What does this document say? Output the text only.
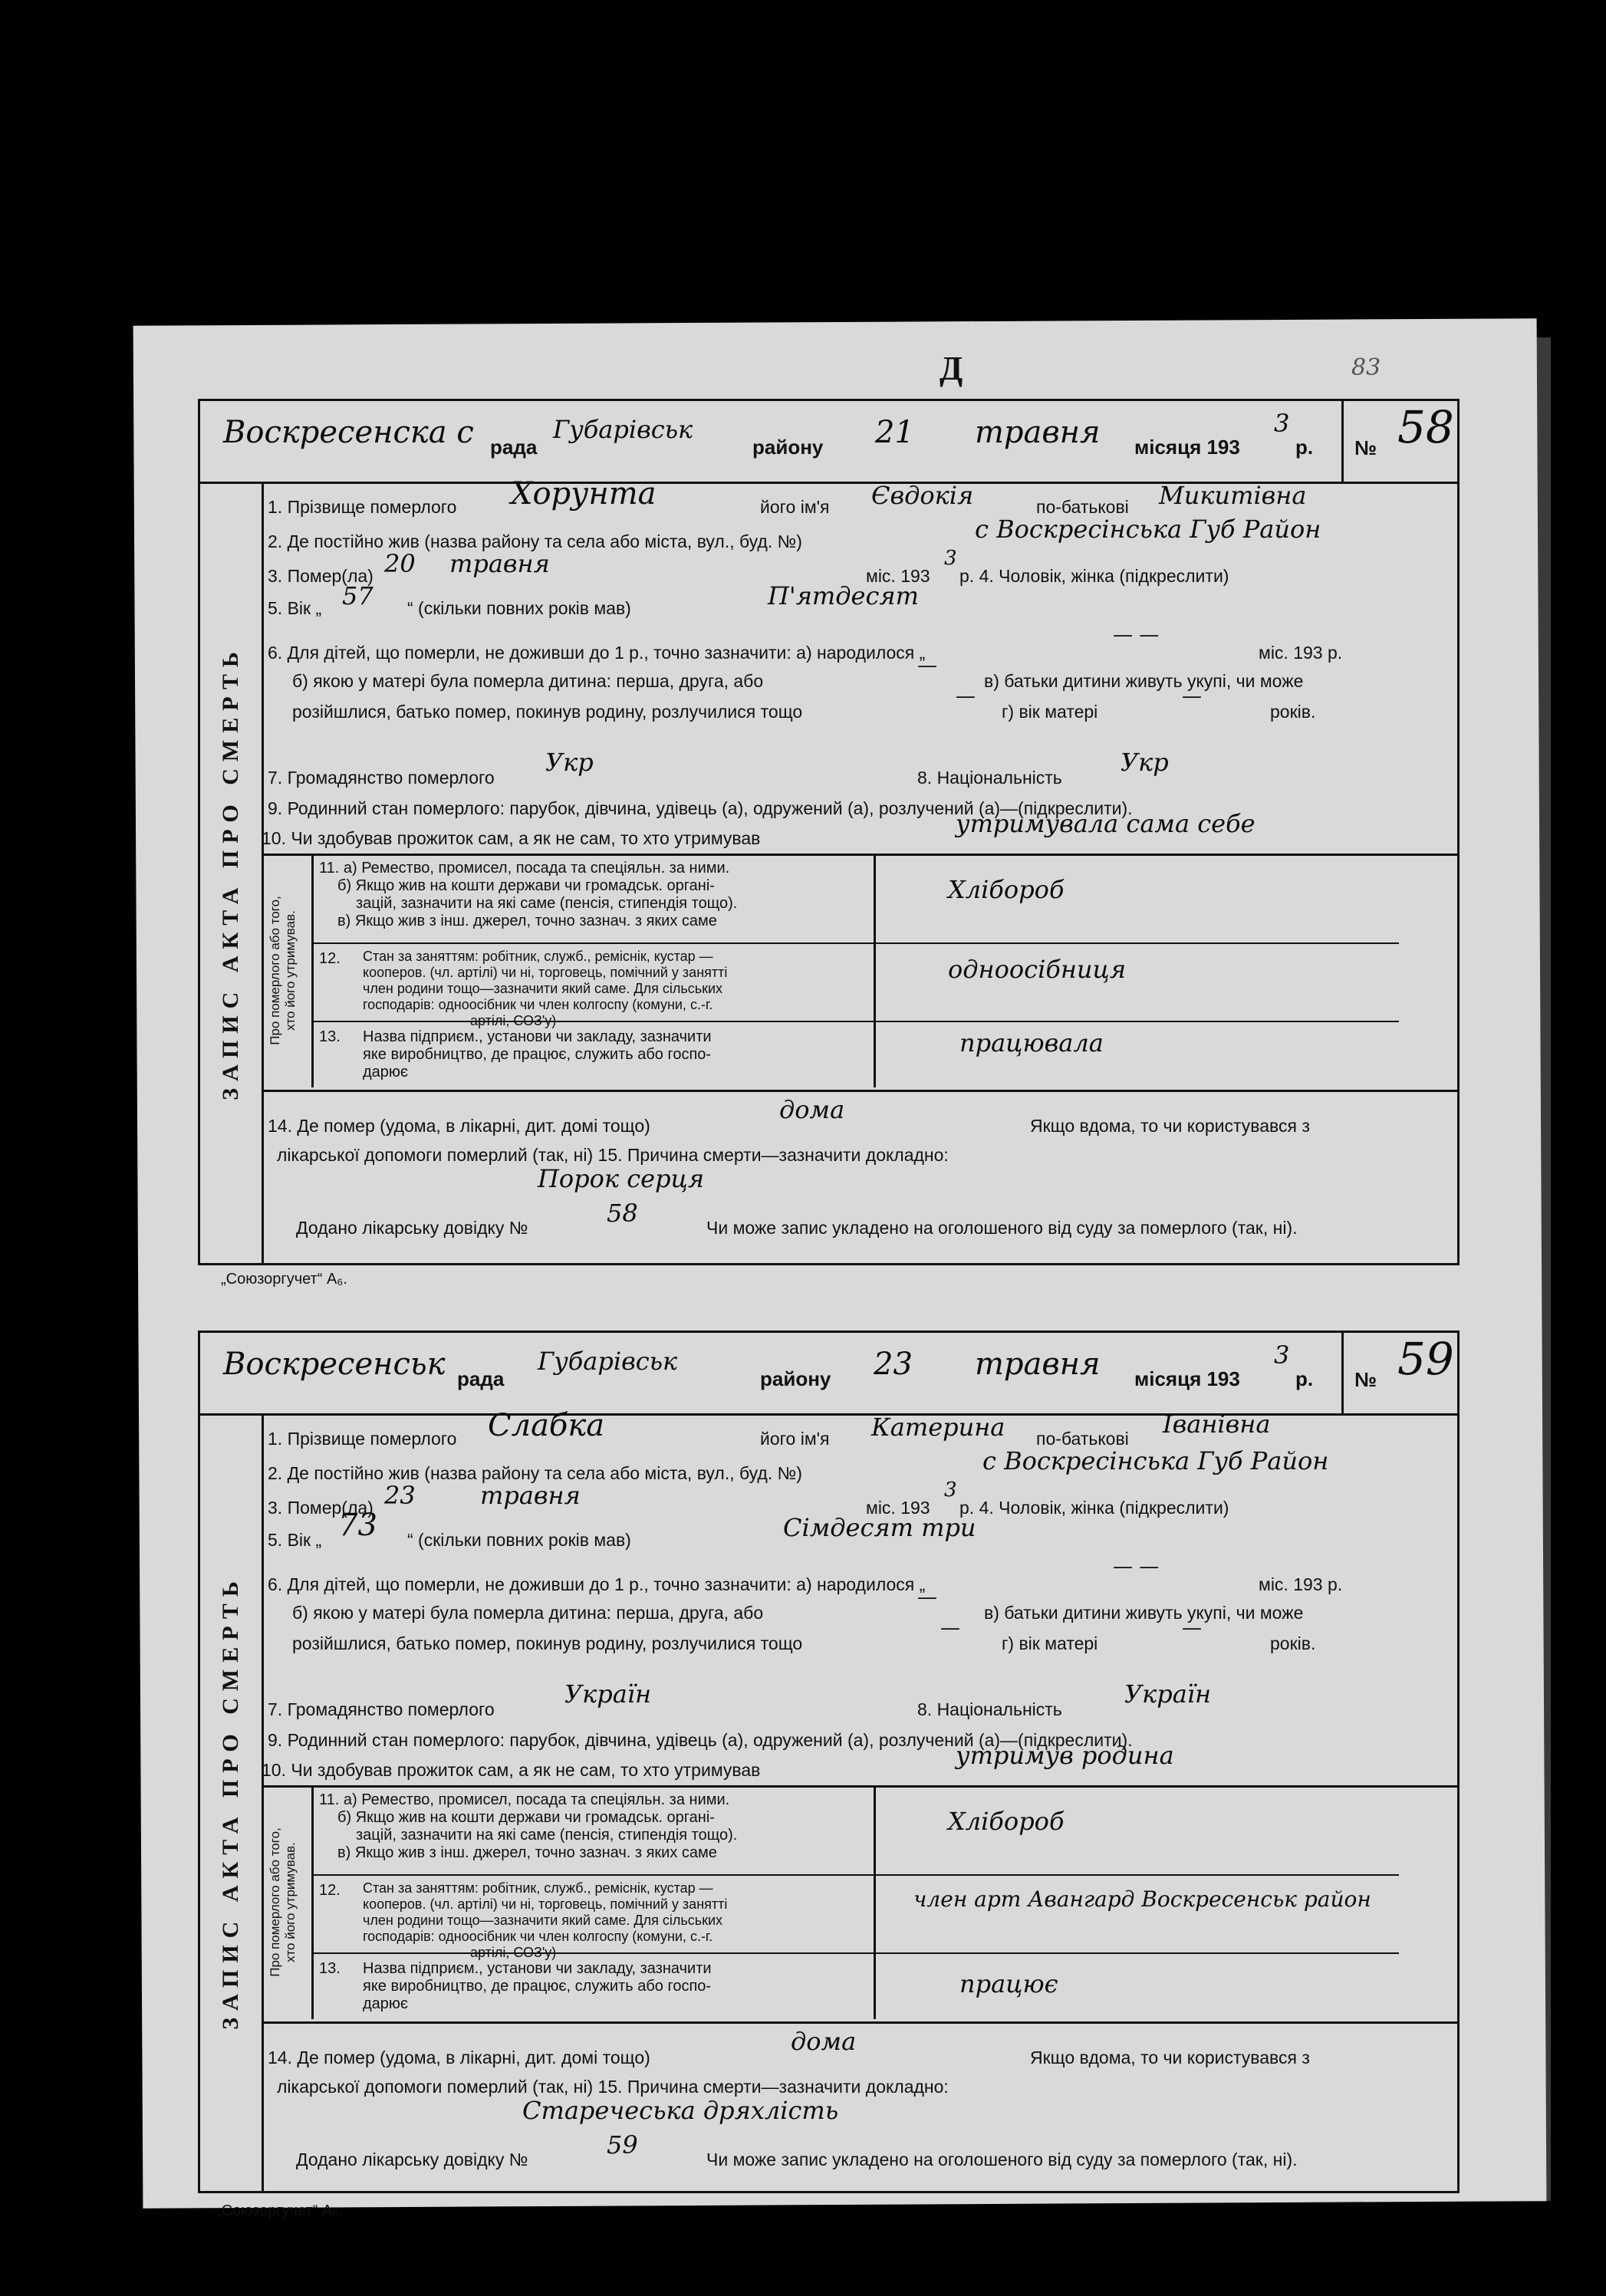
Д	83
Воскресенска с рада
Губарівськ
району 21 травня місяця 193
3
р. № 58
ЗАПИС АКТА ПРО СМЕРТЬ
1. Прізвище померлого Хорунта	його ім'я Євдокія	по-батькові Микитівна
2. Де постійно жив (назва району та села або міста, вул., буд. №)	с Воскресінська Губ Район
3. Помер(ла) 20 травня	міс. 193
3
р. 4. Чоловік, жінка (підкреслити)
5. Вік „ 57 “ (скільки повних років мав)	П'ятдесят
6. Для дітей, що померли, не доживши до 1 р., точно зазначити: а) народилося „
— —
міс. 193 р.
б) якою у матері була померла дитина: перша, друга, або
—
в) батьки дитини живуть укупі, чи може
розійшлися, батько помер, покинув родину, розлучилися тощо
—
г) вік матері
—
років.
7. Громадянство померлого
Укр
8. Національність
Укр
9. Родинний стан померлого: парубок, дівчина, удівець (а), одружений (а), розлучений (а)—(підкреслити).
10. Чи здобував прожиток сам, а як не сам, то хто утримував	утримувала сама себе
Про померлого або того, хто його утримував.
11. а) Ремество, промисел, посада та спеціяльн. за ними.
б) Якщо жив на кошти держави чи громадськ. органі-
зацій, зазначити на які саме (пенсія, стипендія тощо).
в) Якщо жив з інш. джерел, точно зазнач. з яких саме
Хлібороб
12. Стан за заняттям: робітник, служб., реміснік, кустар —
кооперов. (чл. артілі) чи ні, торговець, помічний у занятті
член родини тощо—зазначити який саме. Для сільських
господарів: одноосібник чи член колгоспу (комуни, с.-г.
артілі, СОЗ'у)
одноосібниця
13. Назва підприєм., установи чи закладу, зазначити
яке виробництво, де працює, служить або госпо-
дарює
працювала
14. Де помер (удома, в лікарні, дит. домі тощо)
дома
Якщо вдома, то чи користувався з
лікарської допомоги померлий (так, ні) 15. Причина смерти—зазначити докладно:
Порок серця
Додано лікарську довідку №	58	Чи може запис укладено на оголошеного від суду за померлого (так, ні).
„Союзоргучет“ А₆.
Воскресенськ рада
Губарівськ
району 23 травня місяця 193
3
р. № 59
ЗАПИС АКТА ПРО СМЕРТЬ
1. Прізвище померлого Слабка	його ім'я Катерина по-батькові Іванівна
2. Де постійно жив (назва району та села або міста, вул., буд. №)	с Воскресінська Губ Район
3. Помер(ла) 23	травня	міс. 193
3
р. 4. Чоловік, жінка (підкреслити)
5. Вік „ 73 “ (скільки повних років мав)	Сімдесят три
6. Для дітей, що померли, не доживши до 1 р., точно зазначити: а) народилося „
— —
міс. 193 р.
б) якою у матері була померла дитина: перша, друга, або
—
в) батьки дитини живуть укупі, чи може
розійшлися, батько помер, покинув родину, розлучилися тощо
—
г) вік матері
—
років.
7. Громадянство померлого
Україн
8. Національність
Україн
9. Родинний стан померлого: парубок, дівчина, удівець (а), одружений (а), розлучений (а)—(підкреслити).
10. Чи здобував прожиток сам, а як не сам, то хто утримував	утримув родина
Про померлого або того, хто його утримував.
11. а) Ремество, промисел, посада та спеціяльн. за ними.
б) Якщо жив на кошти держави чи громадськ. органі-
зацій, зазначити на які саме (пенсія, стипендія тощо).
в) Якщо жив з інш. джерел, точно зазнач. з яких саме
Хлібороб
12. Стан за заняттям: робітник, служб., реміснік, кустар —
кооперов. (чл. артілі) чи ні, торговець, помічний у занятті
член родини тощо—зазначити який саме. Для сільських
господарів: одноосібник чи член колгоспу (комуни, с.-г.
артілі, СОЗ'у)
член арт Авангард Воскресенськ район
13. Назва підприєм., установи чи закладу, зазначити
яке виробництво, де працює, служить або госпо-
дарює
працює
14. Де помер (удома, в лікарні, дит. домі тощо)
дома
Якщо вдома, то чи користувався з
лікарської допомоги померлий (так, ні) 15. Причина смерти—зазначити докладно:
Старечеська дряхлість
Додано лікарську довідку №	59	Чи може запис укладено на оголошеного від суду за померлого (так, ні).
„Союзоргучет“ А₆.
